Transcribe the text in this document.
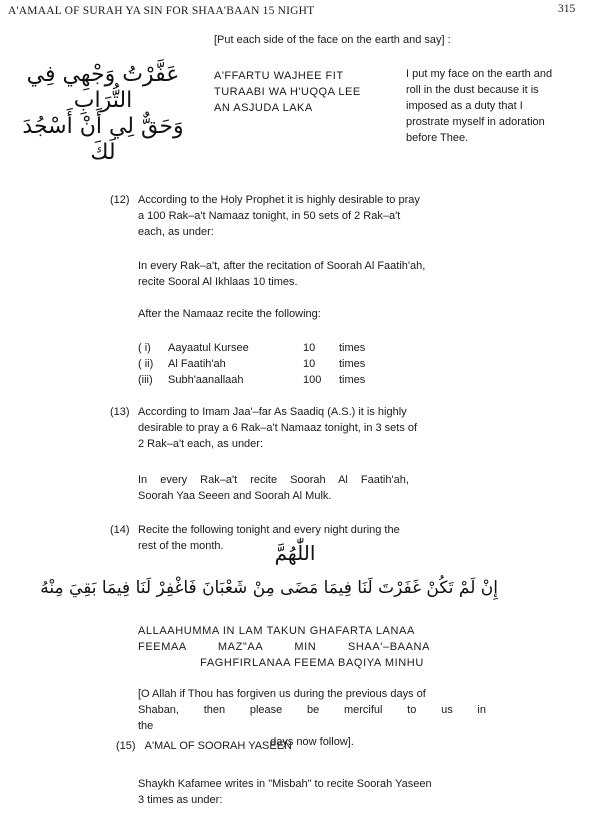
A'AMAAL OF SURAH YA SIN FOR SHAA'BAAN 15 NIGHT	315
[Put each side of the face on the earth and say] :
عَفَّرْتُ وَجْهِي فِي التُّرَابِ
وَحَقٌّ لِي أَنْ أَسْجُدَ لَكَ
A'FFARTU WAJHEE FIT
TURAABI WA H'UQQA LEE
AN ASJUDA LAKA
I put my face on the earth and
roll in the dust because it is
imposed as a duty that I
prostrate myself in adoration
before Thee.
(12) According to the Holy Prophet it is highly desirable to pray
a 100 Rak–a't Namaaz tonight, in 50 sets of 2 Rak–a't
each, as under:
In every Rak–a't, after the recitation of Soorah Al Faatih'ah,
recite Sooral Al Ikhlaas 10 times.
After the Namaaz recite the following:
( i)	Aayaatul Kursee	10	times
( ii)	Al Faatih'ah	10	times
(iii)	Subh'aanallaah	100	times
(13) According to Imam Jaa'–far As Saadiq (A.S.) it is highly
desirable to pray a 6 Rak–a't Namaaz tonight, in 3 sets of
2 Rak–a't each, as under:
In every Rak–a't recite Soorah Al Faatih'ah,
Soorah Yaa Seeen and Soorah Al Mulk.
(14) Recite the following tonight and every night during the
rest of the month.	اللّٰهُمَّ
إِنْ لَمْ تَكُنْ غَفَرْتَ لَنَا فِيمَا مَضَى مِنْ شَعْبَانَ فَاغْفِرْ لَنَا فِيمَا بَقِيَ مِنْهُ
ALLAAHUMMA IN LAM TAKUN GHAFARTA LANAA
FEEMAA MAZ"AA MIN SHAA'–BAANA
FAGHFIRLANAA FEEMA BAQIYA MINHU
[O Allah if Thou has forgiven us during the previous days of
Shaban, then please be merciful to us in the
days now follow].
(15) A'MAL OF SOORAH YASEEN
Shaykh Kafamee writes in "Misbah" to recite Soorah Yaseen
3 times as under:
